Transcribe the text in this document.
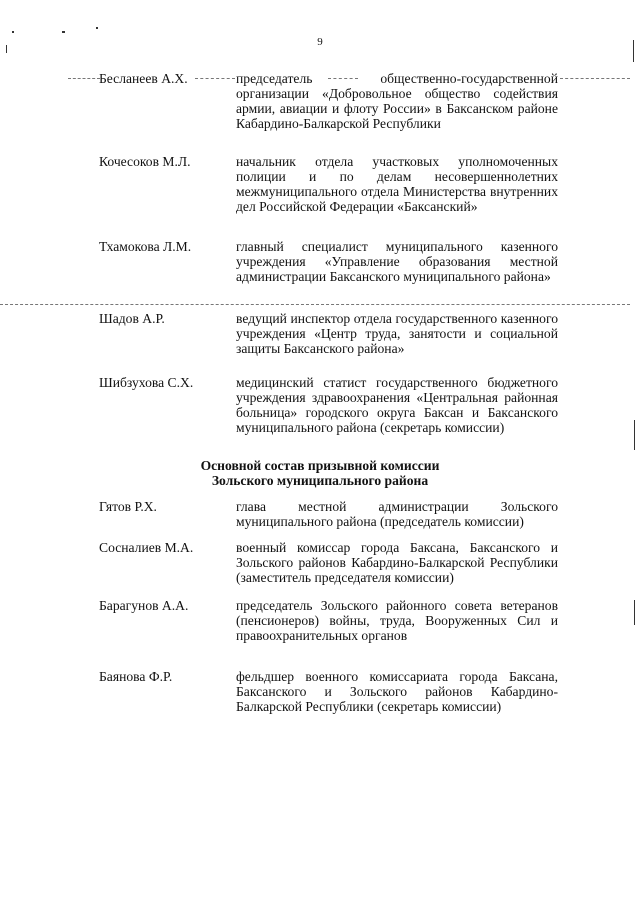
9
Бесланеев А.Х.	председатель общественно-государственной организации «Добровольное общество содействия армии, авиации и флоту России» в Баксанском районе Кабардино-Балкарской Республики
Кочесоков М.Л.	начальник отдела участковых уполномоченных полиции и по делам несовершеннолетних межмуниципального отдела Министерства внутренних дел Российской Федерации «Баксанский»
Тхамокова Л.М.	главный специалист муниципального казенного учреждения «Управление образования местной администрации Баксанского муниципального района»
Шадов А.Р.	ведущий инспектор отдела государственного казенного учреждения «Центр труда, занятости и социальной защиты Баксанского района»
Шибзухова С.Х.	медицинский статист государственного бюджетного учреждения здравоохранения «Центральная районная больница» городского округа Баксан и Баксанского муниципального района (секретарь комиссии)
Основной состав призывной комиссии
Зольского муниципального района
Гятов Р.Х.	глава местной администрации Зольского муниципального района (председатель комиссии)
Сосналиев М.А.	военный комиссар города Баксана, Баксанского и Зольского районов Кабардино-Балкарской Республики (заместитель председателя комиссии)
Барагунов А.А.	председатель Зольского районного совета ветеранов (пенсионеров) войны, труда, Вооруженных Сил и правоохранительных органов
Баянова Ф.Р.	фельдшер военного комиссариата города Баксана, Баксанского и Зольского районов Кабардино-Балкарской Республики (секретарь комиссии)
